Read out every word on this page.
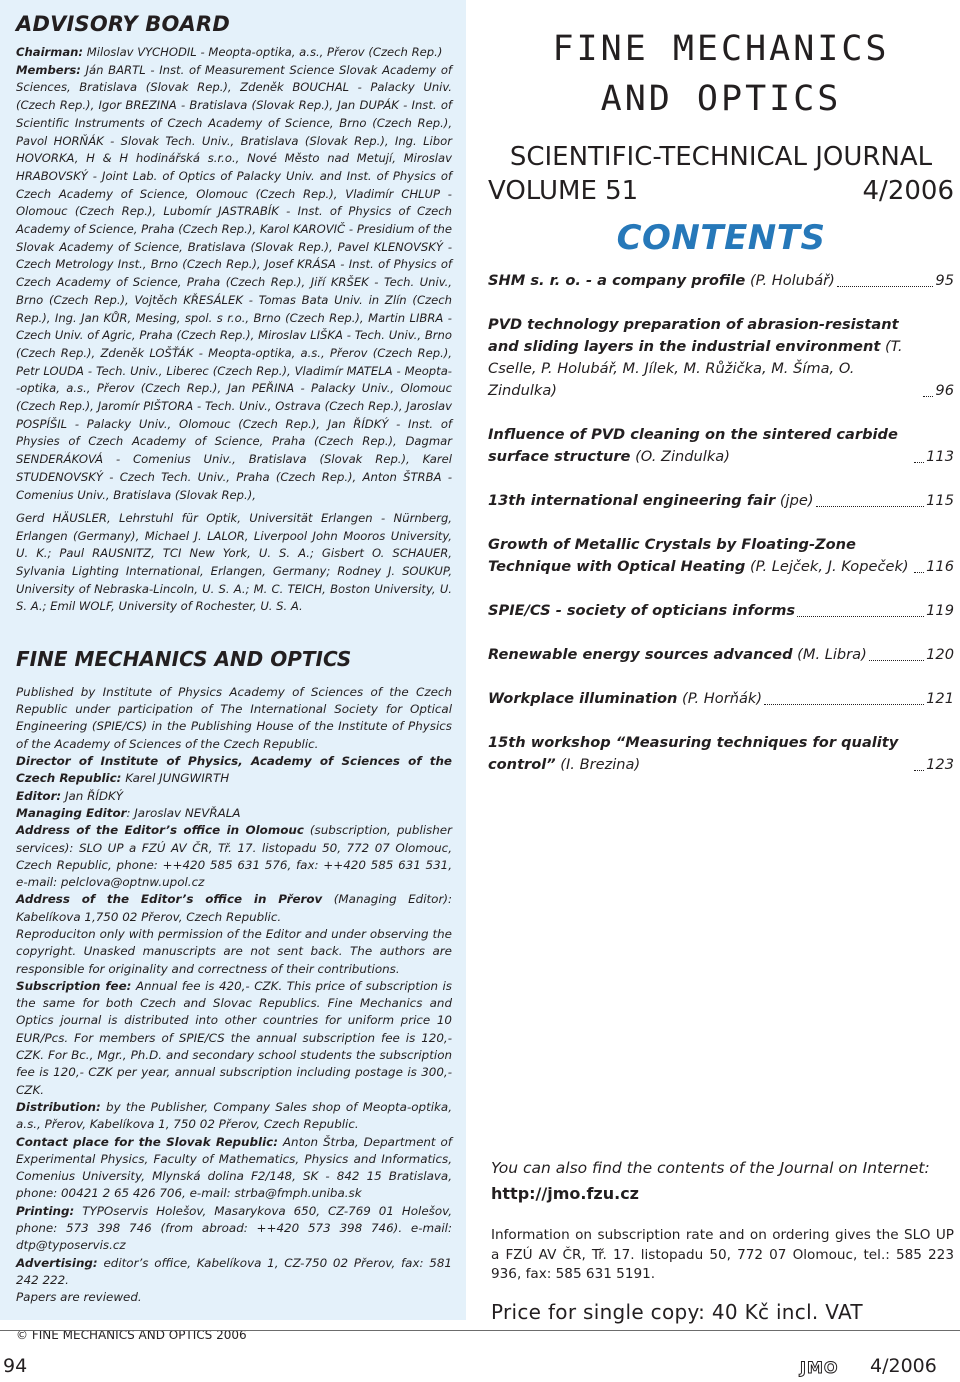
ADVISORY BOARD
Chairman: Miloslav VYCHODIL - Meopta-optika, a.s., Přerov (Czech Rep.)
Members: Ján BARTL - Inst. of Measurement Science Slovak Academy of Sciences, Bratislava (Slovak Rep.), Zdeněk BOUCHAL - Palacky Univ. (Czech Rep.), Igor BREZINA - Bratislava (Slovak Rep.), Jan DUPÁK - Inst. of Scientific Instruments of Czech Academy of Science, Brno (Czech Rep.), Pavol HORŇÁK - Slovak Tech. Univ., Bratislava (Slovak Rep.), Ing. Libor HOVORKA, H & H hodinářská s.r.o., Nové Město nad Metují, Miroslav HRABOVSKÝ - Joint Lab. of Optics of Palacky Univ. and Inst. of Physics of Czech Academy of Science, Olomouc (Czech Rep.), Vladimír CHLUP - Olomouc (Czech Rep.), Lubomír JASTRABÍK - Inst. of Physics of Czech Academy of Science, Praha (Czech Rep.), Karol KAROVIČ - Presidium of the Slovak Academy of Science, Bratislava (Slovak Rep.), Pavel KLENOVSKÝ - Czech Metrology Inst., Brno (Czech Rep.), Josef KRÁSA - Inst. of Physics of Czech Academy of Science, Praha (Czech Rep.), Jiří KRŠEK - Tech. Univ., Brno (Czech Rep.), Vojtěch KŘESÁLEK - Tomas Bata Univ. in Zlín (Czech Rep.), Ing. Jan KŮR, Mesing, spol. s r.o., Brno (Czech Rep.), Martin LIBRA - Czech Univ. of Agric, Praha (Czech Rep.), Miroslav LIŠKA - Tech. Univ., Brno (Czech Rep.), Zdeněk LOŠŤÁK - Meopta-optika, a.s., Přerov (Czech Rep.), Petr LOUDA - Tech. Univ., Liberec (Czech Rep.), Vladimír MATELA - Meopta--optika, a.s., Přerov (Czech Rep.), Jan PEŘINA - Palacky Univ., Olomouc (Czech Rep.), Jaromír PIŠTORA - Tech. Univ., Ostrava (Czech Rep.), Jaroslav POSPÍŠIL - Palacky Univ., Olomouc (Czech Rep.), Jan ŘÍDKÝ - Inst. of Physies of Czech Academy of Science, Praha (Czech Rep.), Dagmar SENDERÁKOVÁ - Comenius Univ., Bratislava (Slovak Rep.), Karel STUDENOVSKÝ - Czech Tech. Univ., Praha (Czech Rep.), Anton ŠTRBA - Comenius Univ., Bratislava (Slovak Rep.),
Gerd HÄUSLER, Lehrstuhl für Optik, Universität Erlangen - Nürnberg, Erlangen (Germany), Michael J. LALOR, Liverpool John Mooros University, U. K.; Paul RAUSNITZ, TCI New York, U. S. A.; Gisbert O. SCHAUER, Sylvania Lighting International, Erlangen, Germany; Rodney J. SOUKUP, University of Nebraska-Lincoln, U. S. A.; M. C. TEICH, Boston University, U. S. A.; Emil WOLF, University of Rochester, U. S. A.
FINE MECHANICS AND OPTICS

Published by Institute of Physics Academy of Sciences of the Czech Republic under participation of The International Society for Optical Engineering (SPIE/CS) in the Publishing House of the Institute of Physics of the Academy of Sciences of the Czech Republic.

Director of Institute of Physics, Academy of Sciences of the Czech Republic: Karel JUNGWIRTH

Editor: Jan ŘÍDKÝ

Managing Editor: Jaroslav NEVŘALA

Address of the Editor’s office in Olomouc (subscription, publisher services): SLO UP a FZÚ AV ČR, Tř. 17. listopadu 50, 772 07 Olomouc, Czech Republic, phone: ++420 585 631 576, fax: ++420 585 631 531, e-mail: pelclova@optnw.upol.cz

Address of the Editor’s office in Přerov (Managing Editor): Kabelíkova 1,750 02 Přerov, Czech Republic.

Reproduciton only with permission of the Editor and under observing the copyright. Unasked manuscripts are not sent back. The authors are responsible for originality and correctness of their contributions.

Subscription fee: Annual fee is 420,- CZK. This price of subscription is the same for both Czech and Slovac Republics. Fine Mechanics and Optics journal is distributed into other countries for uniform price 10 EUR/Pcs. For members of SPIE/CS the annual subscription fee is 120,- CZK. For Bc., Mgr., Ph.D. and secondary school students the subscription fee is 120,- CZK per year, annual subscription including postage is 300,- CZK.

Distribution: by the Publisher, Company Sales shop of Meopta-optika, a.s., Přerov, Kabelíkova 1, 750 02 Přerov, Czech Republic.

Contact place for the Slovak Republic: Anton Štrba, Department of Experimental Physics, Faculty of Mathematics, Physics and Informatics, Comenius University, Mlynská dolina F2/148, SK - 842 15 Bratislava, phone: 00421 2 65 426 706, e-mail: strba@fmph.uniba.sk

Printing: TYPOservis Holešov, Masarykova 650, CZ-769 01 Holešov, phone: 573 398 746 (from abroad: ++420 573 398 746). e-mail: dtp@typoservis.cz

Advertising: editor’s office, Kabelíkova 1, CZ-750 02 Přerov, fax: 581 242 222.

Papers are reviewed.

© FINE MECHANICS AND OPTICS 2006
FINE MECHANICS
AND OPTICS
SCIENTIFIC-TECHNICAL JOURNAL
VOLUME 51	4/2006
CONTENTS
SHM s. r. o. - a company profile (P. Holubář)	95
PVD technology preparation of abrasion-resistant and sliding layers in the industrial environment (T. Cselle, P. Holubář, M. Jílek, M. Růžička, M. Šíma, O. Zindulka)	96
Influence of PVD cleaning on the sintered carbide surface structure (O. Zindulka)	113
13th international engineering fair (jpe)	115
Growth of Metallic Crystals by Floating-Zone Technique with Optical Heating (P. Lejček, J. Kopeček) 116
SPIE/CS - society of opticians informs	119
Renewable energy sources advanced (M. Libra)	120
Workplace illumination (P. Horňák)	121
15th workshop “Measuring techniques for quality control” (I. Brezina)	123
You can also find the contents of the Journal on Internet:
http://jmo.fzu.cz
Information on subscription rate and on ordering gives the SLO UP a FZÚ AV ČR, Tř. 17. listopadu 50, 772 07 Olomouc, tel.: 585 223 936, fax: 585 631 5191.
Price for single copy: 40 Kč incl. VAT
94	JMO 4/2006
